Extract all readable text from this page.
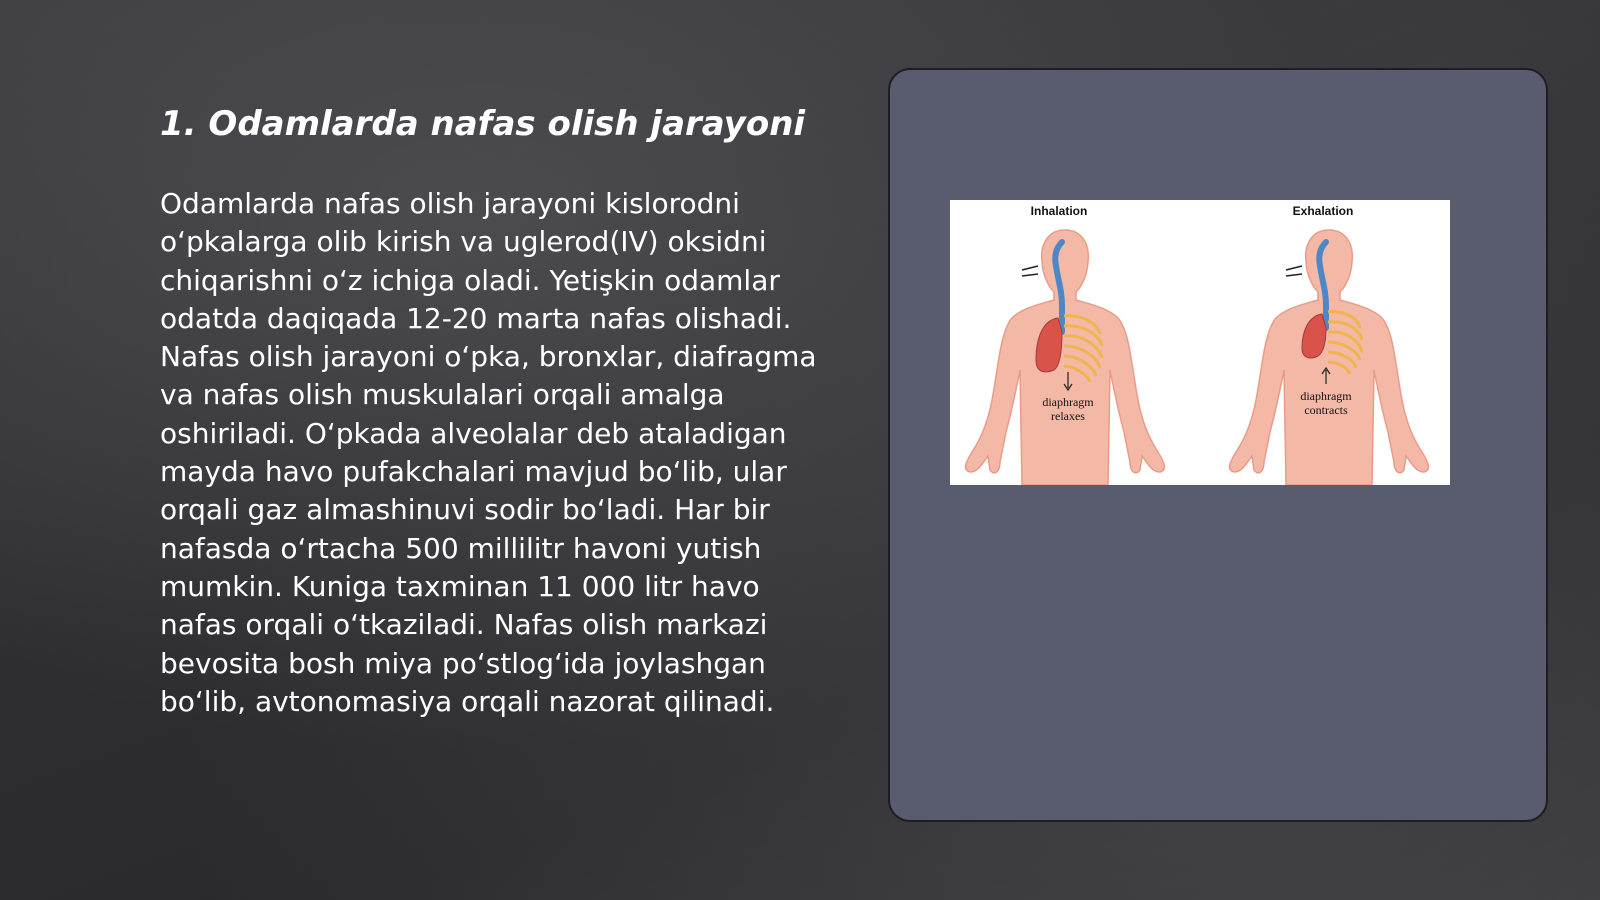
1. Odamlarda nafas olish jarayoni

Odamlarda nafas olish jarayoni kislorodni o‘pkalarga olib kirish va uglerod(IV) oksidni chiqarishni o‘z ichiga oladi. Yetişkin odamlar odatda daqiqada 12-20 marta nafas olishadi. Nafas olish jarayoni o‘pka, bronxlar, diafragma va nafas olish muskulalari orqali amalga oshiriladi. O‘pkada alveolalar deb ataladigan mayda havo pufakchalari mavjud bo‘lib, ular orqali gaz almashinuvi sodir bo‘ladi. Har bir nafasda o‘rtacha 500 millilitr havoni yutish mumkin. Kuniga taxminan 11 000 litr havo nafas orqali o‘tkaziladi. Nafas olish markazi bevosita bosh miya po‘stlog‘ida joylashgan bo‘lib, avtonomasiya orqali nazorat qilinadi.

Inhalation
diaphragm
relaxes
Exhalation
diaphragm
contracts
